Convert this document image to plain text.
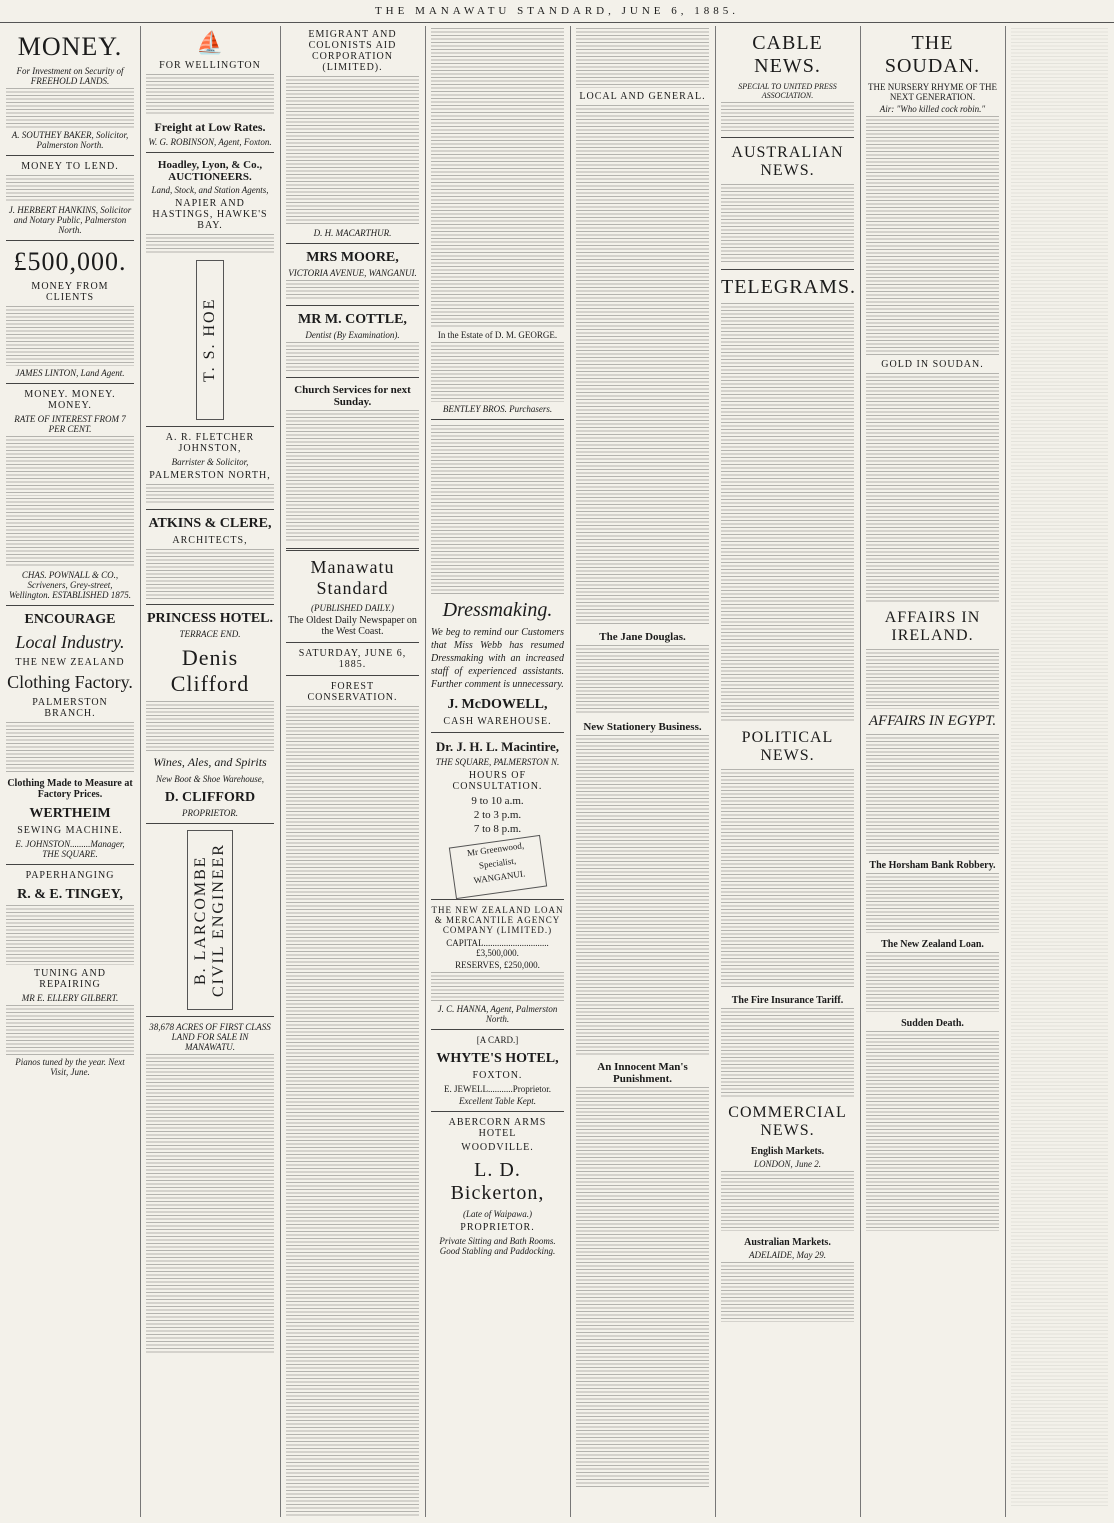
THE MANAWATU STANDARD, JUNE 6, 1885.
MONEY.
For Investment on Security of FREEHOLD LANDS.
A. SOUTHEY BAKER, Solicitor, Palmerston North.
MONEY TO LEND.
J. HERBERT HANKINS, Solicitor and Notary Public, Palmerston North.
£500,000.
MONEY FROM CLIENTS
JAMES LINTON, Land Agent.
MONEY. MONEY. MONEY.
RATE OF INTEREST FROM 7 PER CENT.
CHAS. POWNALL & CO., Scriveners, Grey-street, Wellington. ESTABLISHED 1875.
ENCOURAGE
Local Industry.
THE NEW ZEALAND
Clothing Factory.
PALMERSTON BRANCH.
Clothing Made to Measure at Factory Prices.
WERTHEIM
SEWING MACHINE.
E. JOHNSTON.........Manager, THE SQUARE.
PAPERHANGING
R. & E. TINGEY,
TUNING AND REPAIRING
MR E. ELLERY GILBERT.
Pianos tuned by the year. Next Visit, June.
⛵
FOR WELLINGTON
Freight at Low Rates.
W. G. ROBINSON, Agent, Foxton.
Hoadley, Lyon, & Co., AUCTIONEERS.
Land, Stock, and Station Agents,
NAPIER AND HASTINGS, HAWKE'S BAY.
T. S. HOE
A. R. FLETCHER JOHNSTON,
Barrister & Solicitor,
PALMERSTON NORTH,
ATKINS & CLERE,
ARCHITECTS,
PRINCESS HOTEL.
TERRACE END.
Denis Clifford
Wines, Ales, and Spirits
New Boot & Shoe Warehouse,
D. CLIFFORD
PROPRIETOR.
B. LARCOMBE CIVIL ENGINEER
38,678 ACRES OF FIRST CLASS LAND FOR SALE IN MANAWATU.
EMIGRANT AND COLONISTS AID CORPORATION (LIMITED).
D. H. MACARTHUR.
MRS MOORE,
VICTORIA AVENUE, WANGANUI.
MR M. COTTLE,
Dentist (By Examination).
Church Services for next Sunday.
Manawatu Standard
(PUBLISHED DAILY.)
The Oldest Daily Newspaper on the West Coast.
SATURDAY, JUNE 6, 1885.
FOREST CONSERVATION.
In the Estate of D. M. GEORGE.
BENTLEY BROS. Purchasers.
Dressmaking.
We beg to remind our Customers that Miss Webb has resumed Dressmaking with an increased staff of experienced assistants. Further comment is unnecessary.
J. McDOWELL,
CASH WAREHOUSE.
Dr. J. H. L. Macintire,
THE SQUARE, PALMERSTON N.
HOURS OF CONSULTATION.
9 to 10 a.m.
2 to 3 p.m.
7 to 8 p.m.
Mr Greenwood, Specialist, WANGANUI.
THE NEW ZEALAND LOAN & MERCANTILE AGENCY COMPANY (LIMITED.)
CAPITAL.............................£3,500,000.
RESERVES, £250,000.
J. C. HANNA, Agent, Palmerston North.
[A CARD.]
WHYTE'S HOTEL,
FOXTON.
E. JEWELL...........Proprietor.
Excellent Table Kept.
ABERCORN ARMS HOTEL
WOODVILLE.
L. D. Bickerton,
(Late of Waipawa.)
PROPRIETOR.
Private Sitting and Bath Rooms. Good Stabling and Paddocking.
LOCAL AND GENERAL.
The Jane Douglas.
New Stationery Business.
An Innocent Man's Punishment.
CABLE NEWS.
SPECIAL TO UNITED PRESS ASSOCIATION.
AUSTRALIAN NEWS.
TELEGRAMS.
POLITICAL NEWS.
The Fire Insurance Tariff.
COMMERCIAL NEWS.
English Markets.
LONDON, June 2.
Australian Markets.
ADELAIDE, May 29.
THE SOUDAN.
THE NURSERY RHYME OF THE NEXT GENERATION.
Air: "Who killed cock robin."
GOLD IN SOUDAN.
AFFAIRS IN IRELAND.
AFFAIRS IN EGYPT.
The Horsham Bank Robbery.
The New Zealand Loan.
Sudden Death.
